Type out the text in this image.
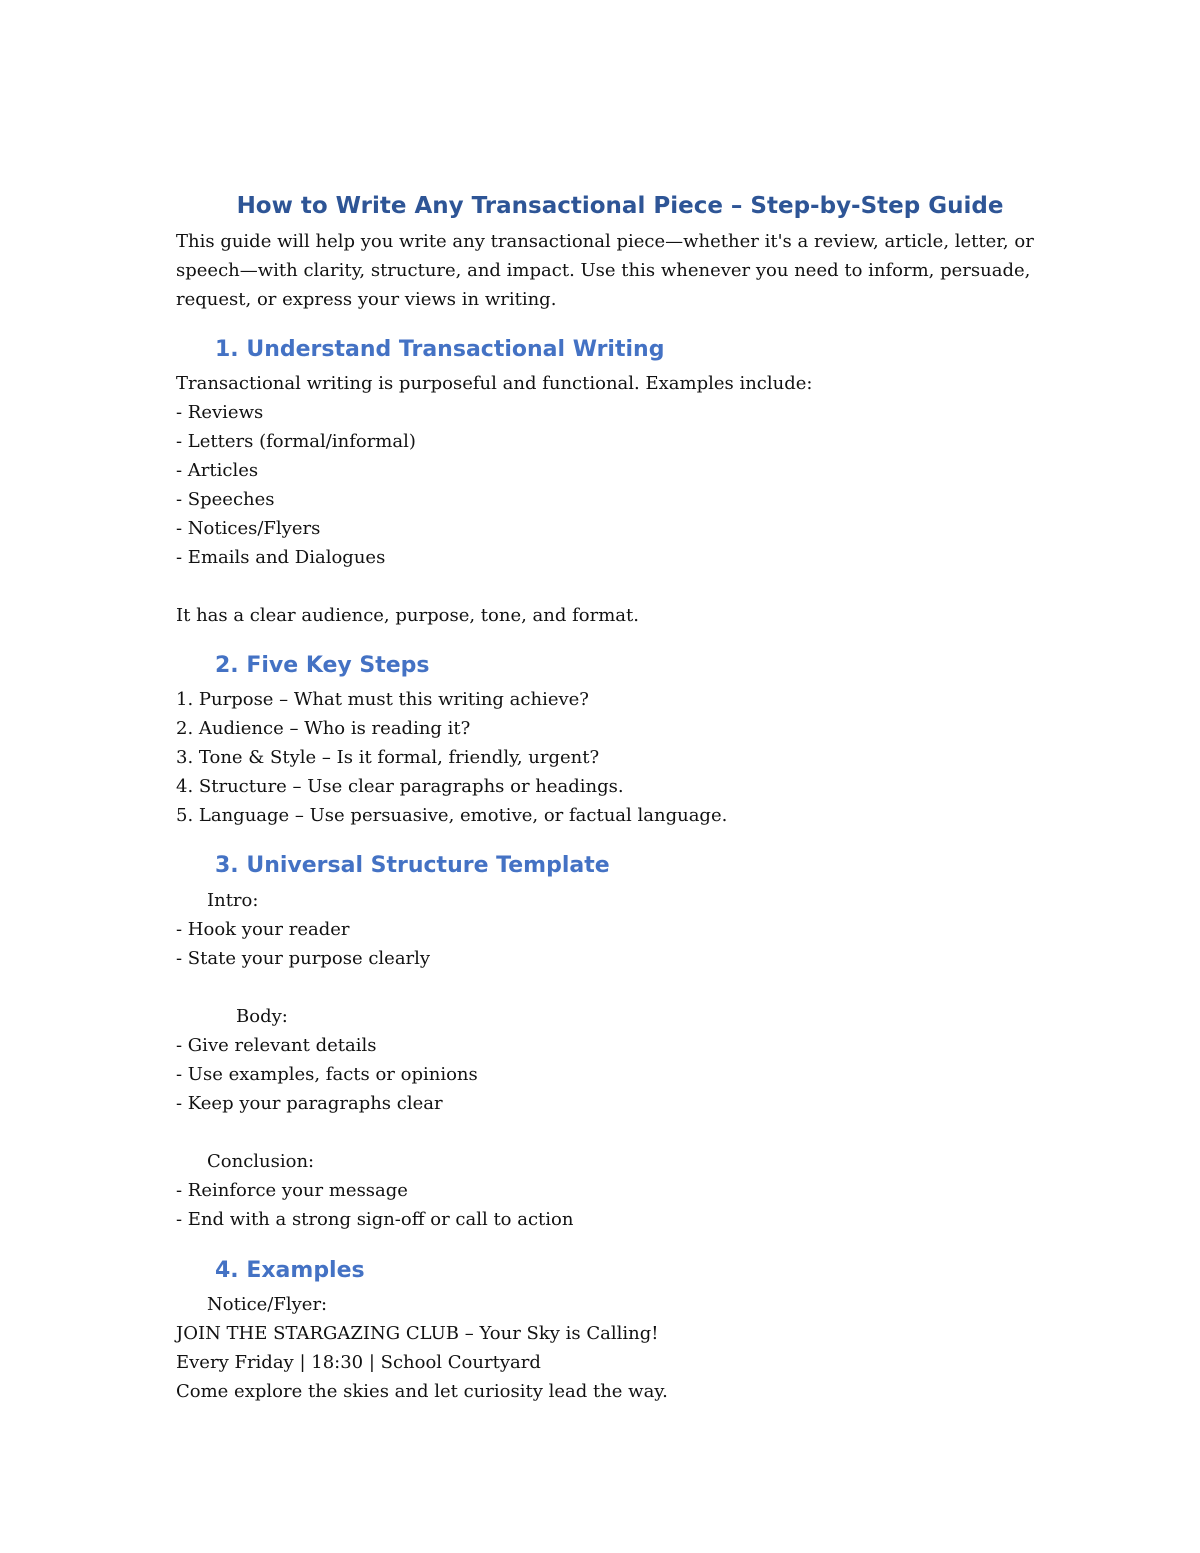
How to Write Any Transactional Piece – Step-by-Step Guide

This guide will help you write any transactional piece—whether it's a review, article, letter, or speech—with clarity, structure, and impact. Use this whenever you need to inform, persuade, request, or express your views in writing.

1. Understand Transactional Writing

Transactional writing is purposeful and functional. Examples include:

- Reviews

- Letters (formal/informal)

- Articles

- Speeches

- Notices/Flyers

- Emails and Dialogues

It has a clear audience, purpose, tone, and format.

2. Five Key Steps

1. Purpose – What must this writing achieve?

2. Audience – Who is reading it?

3. Tone & Style – Is it formal, friendly, urgent?

4. Structure – Use clear paragraphs or headings.

5. Language – Use persuasive, emotive, or factual language.

3. Universal Structure Template

Intro:

- Hook your reader

- State your purpose clearly

Body:

- Give relevant details

- Use examples, facts or opinions

- Keep your paragraphs clear

Conclusion:

- Reinforce your message

- End with a strong sign-off or call to action

4. Examples

Notice/Flyer:

JOIN THE STARGAZING CLUB – Your Sky is Calling!

Every Friday | 18:30 | School Courtyard

Come explore the skies and let curiosity lead the way.
